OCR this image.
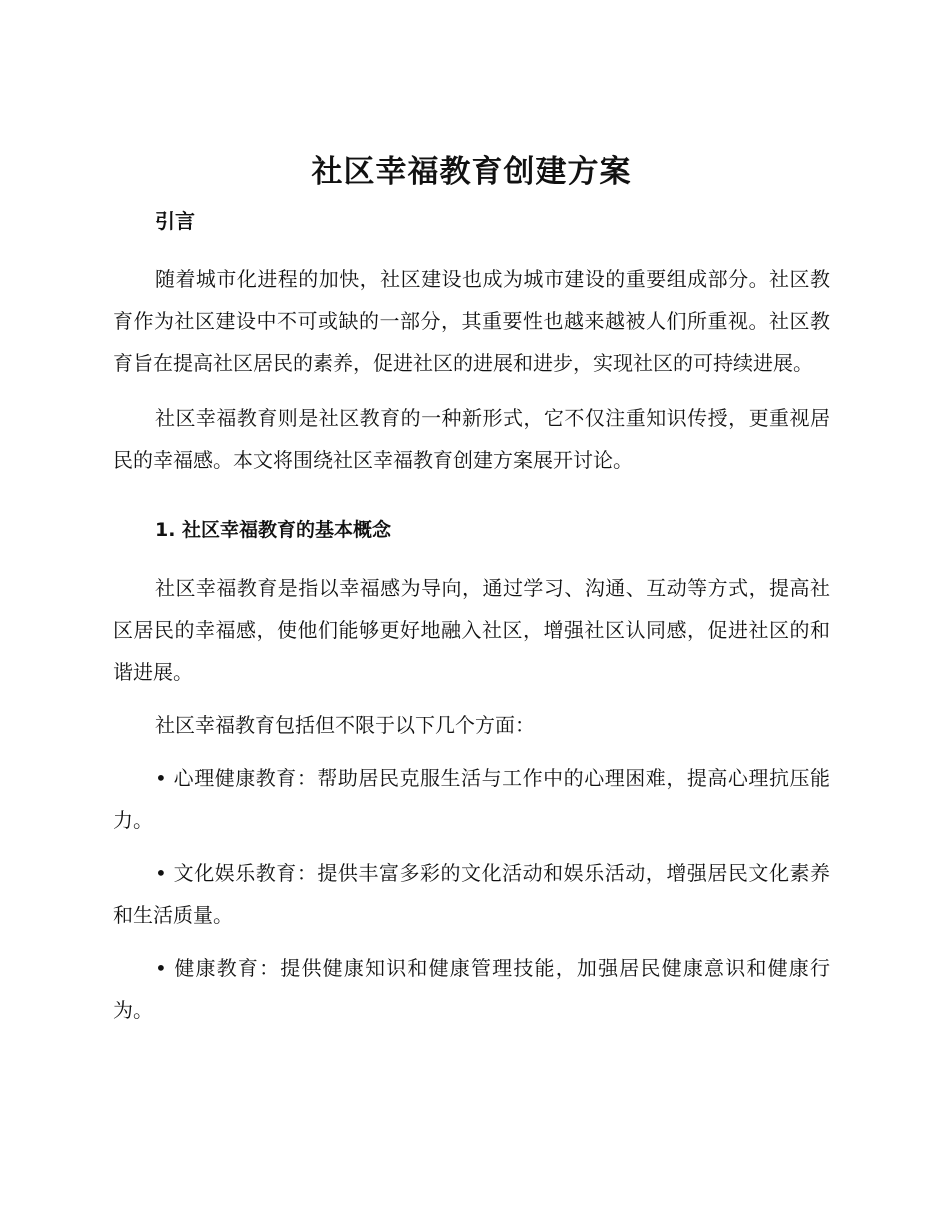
社区幸福教育创建方案
引言

随着城市化进程的加快，社区建设也成为城市建设的重要组成部分。社区教育作为社区建设中不可或缺的一部分，其重要性也越来越被人们所重视。社区教育旨在提高社区居民的素养，促进社区的进展和进步，实现社区的可持续进展。

社区幸福教育则是社区教育的一种新形式，它不仅注重知识传授，更重视居民的幸福感。本文将围绕社区幸福教育创建方案展开讨论。

1. 社区幸福教育的基本概念

社区幸福教育是指以幸福感为导向，通过学习、沟通、互动等方式，提高社区居民的幸福感，使他们能够更好地融入社区，增强社区认同感，促进社区的和谐进展。

社区幸福教育包括但不限于以下几个方面：

• 心理健康教育：帮助居民克服生活与工作中的心理困难，提高心理抗压能力。

• 文化娱乐教育：提供丰富多彩的文化活动和娱乐活动，增强居民文化素养和生活质量。

• 健康教育：提供健康知识和健康管理技能，加强居民健康意识和健康行为。
